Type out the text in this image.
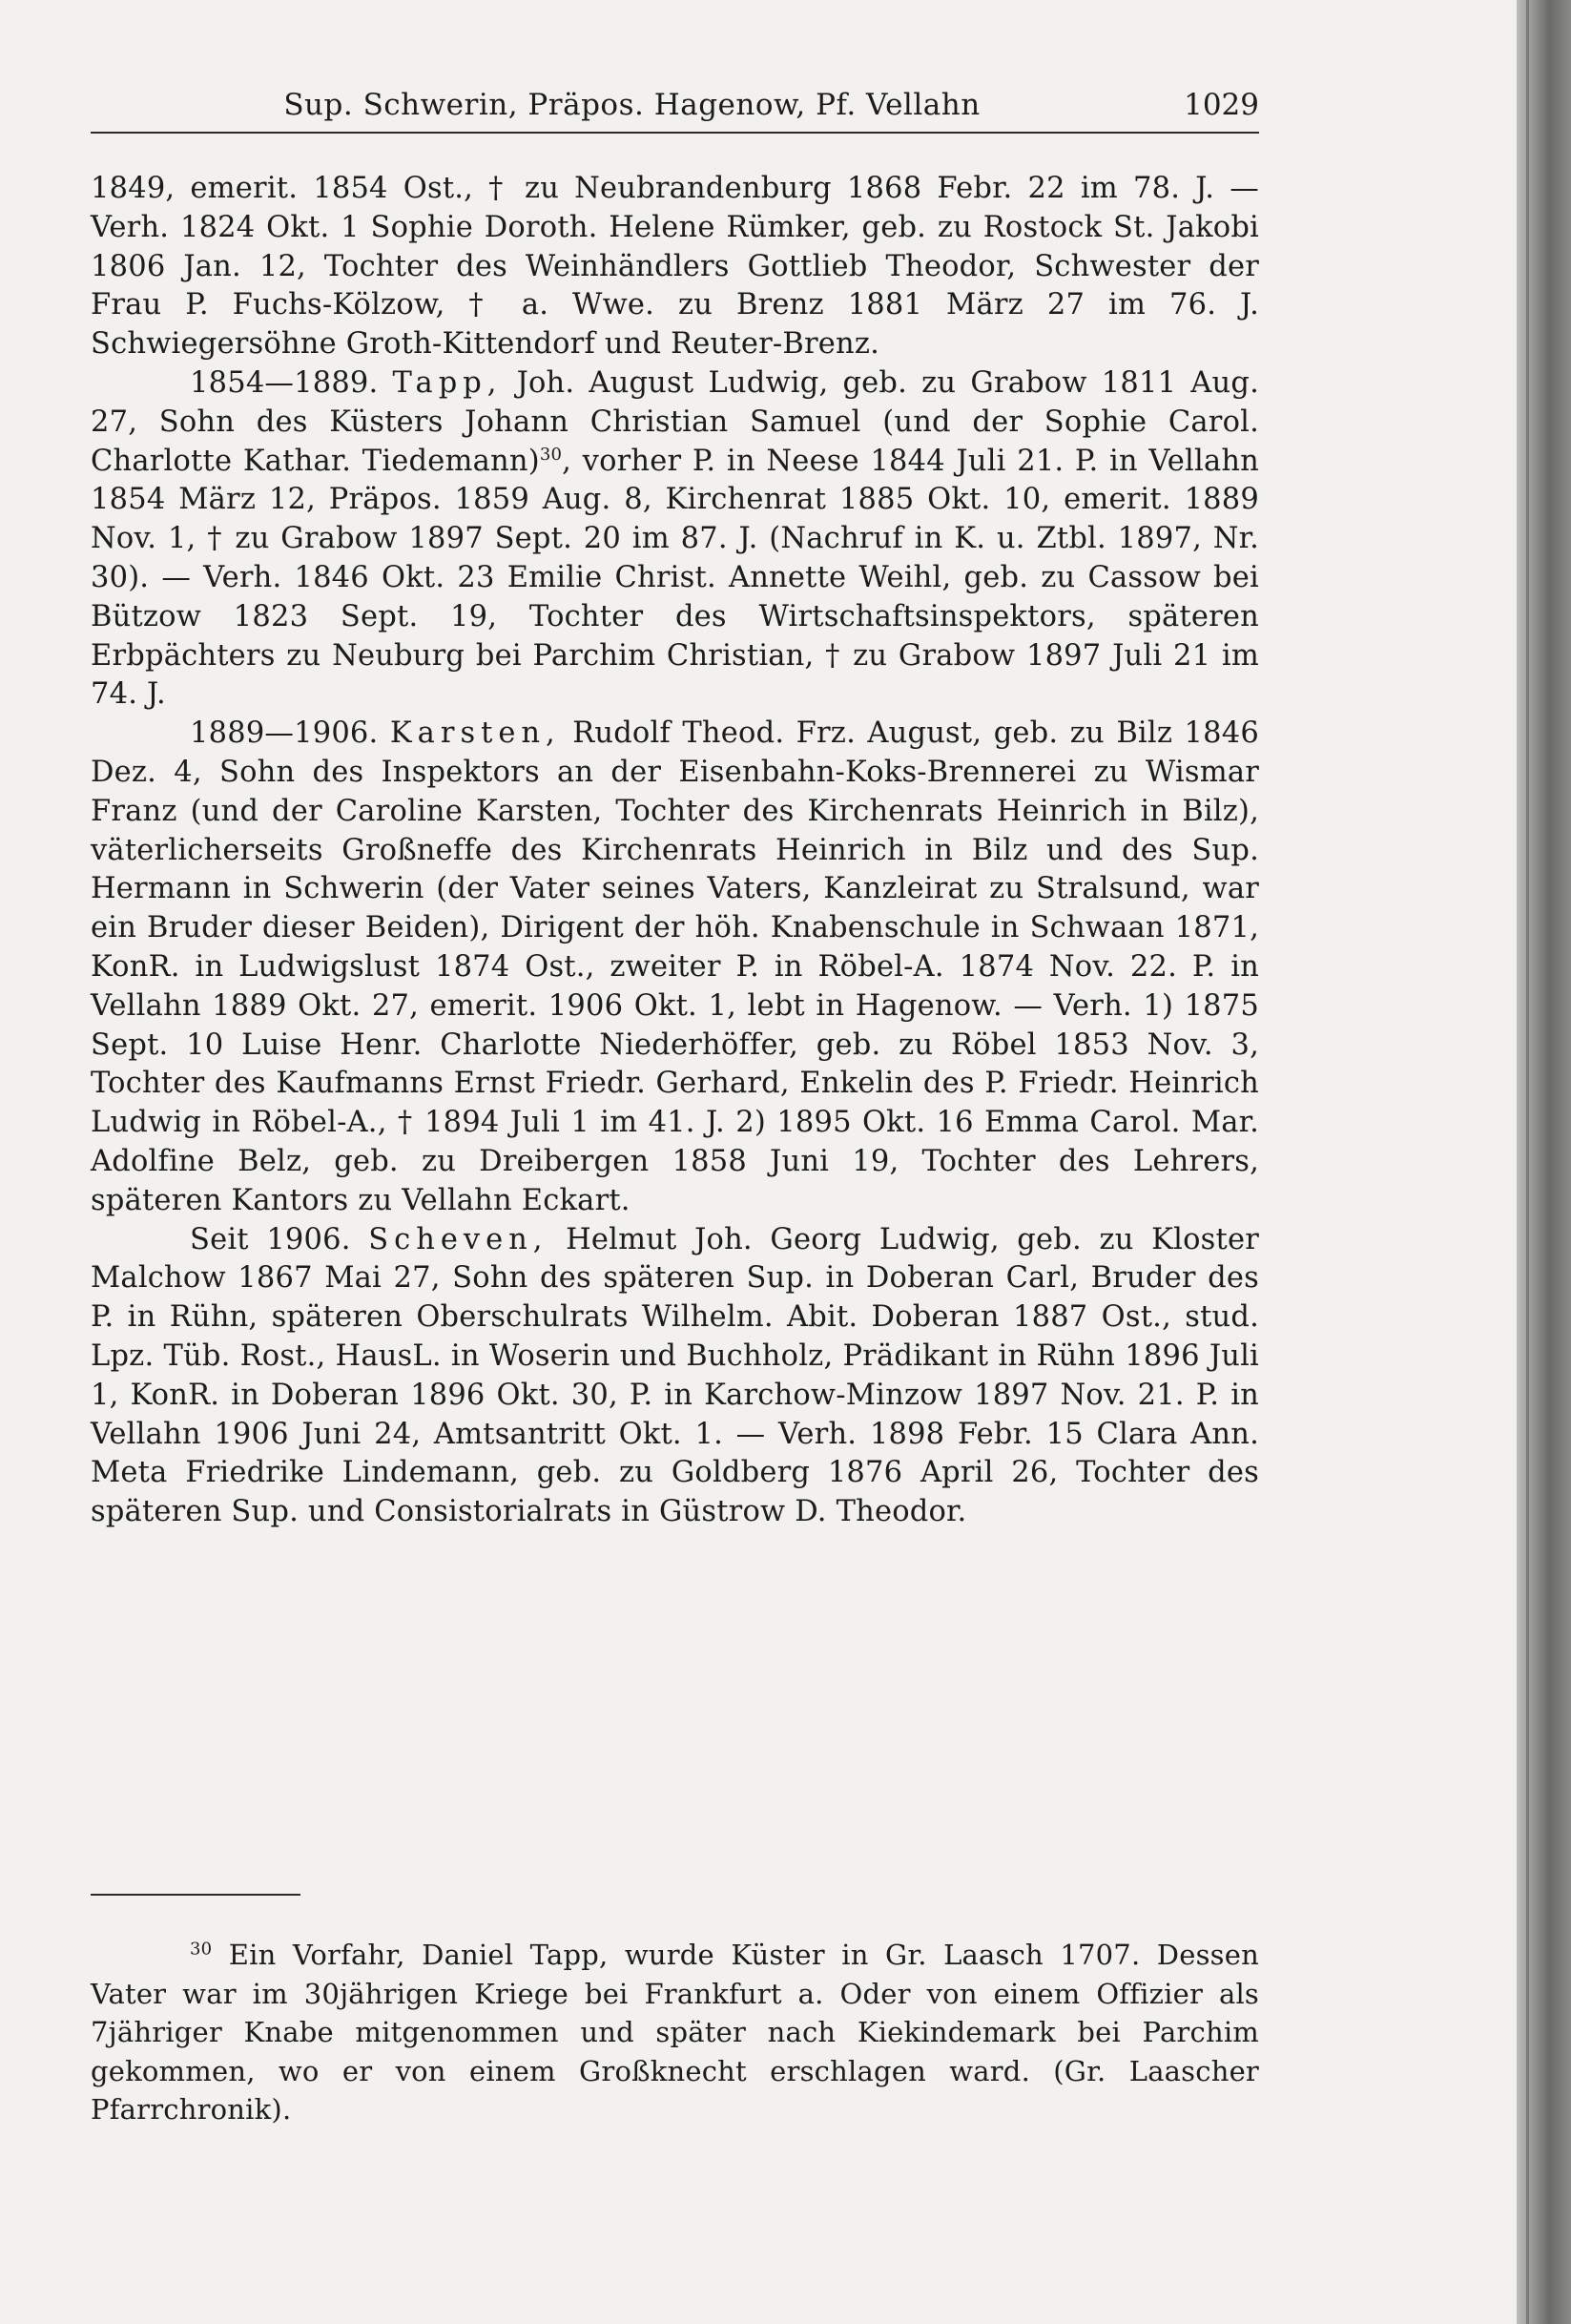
Sup. Schwerin, Präpos. Hagenow, Pf. Vellahn	1029

1849, emerit. 1854 Ost., † zu Neubrandenburg 1868 Febr. 22 im 78. J. — Verh. 1824 Okt. 1 Sophie Doroth. Helene Rümker, geb. zu Rostock St. Jakobi 1806 Jan. 12, Tochter des Weinhändlers Gottlieb Theodor, Schwester der Frau P. Fuchs-Kölzow, † a. Wwe. zu Brenz 1881 März 27 im 76. J. Schwiegersöhne Groth-Kittendorf und Reuter-Brenz.

1854—1889. Tapp, Joh. August Ludwig, geb. zu Grabow 1811 Aug. 27, Sohn des Küsters Johann Christian Samuel (und der Sophie Carol. Charlotte Kathar. Tiedemann)$^{30}$, vorher P. in Neese 1844 Juli 21. P. in Vellahn 1854 März 12, Präpos. 1859 Aug. 8, Kirchenrat 1885 Okt. 10, emerit. 1889 Nov. 1, † zu Grabow 1897 Sept. 20 im 87. J. (Nachruf in K. u. Ztbl. 1897, Nr. 30). — Verh. 1846 Okt. 23 Emilie Christ. Annette Weihl, geb. zu Cassow bei Bützow 1823 Sept. 19, Tochter des Wirtschaftsinspektors, späteren Erbpächters zu Neuburg bei Parchim Christian, † zu Grabow 1897 Juli 21 im 74. J.

1889—1906. Karsten, Rudolf Theod. Frz. August, geb. zu Bilz 1846 Dez. 4, Sohn des Inspektors an der Eisenbahn-Koks-Brennerei zu Wismar Franz (und der Caroline Karsten, Tochter des Kirchenrats Heinrich in Bilz), väterlicherseits Großneffe des Kirchenrats Heinrich in Bilz und des Sup. Hermann in Schwerin (der Vater seines Vaters, Kanzleirat zu Stralsund, war ein Bruder dieser Beiden), Dirigent der höh. Knabenschule in Schwaan 1871, KonR. in Ludwigslust 1874 Ost., zweiter P. in Röbel-A. 1874 Nov. 22. P. in Vellahn 1889 Okt. 27, emerit. 1906 Okt. 1, lebt in Hagenow. — Verh. 1) 1875 Sept. 10 Luise Henr. Charlotte Niederhöffer, geb. zu Röbel 1853 Nov. 3, Tochter des Kaufmanns Ernst Friedr. Gerhard, Enkelin des P. Friedr. Heinrich Ludwig in Röbel-A., † 1894 Juli 1 im 41. J. 2) 1895 Okt. 16 Emma Carol. Mar. Adolfine Belz, geb. zu Dreibergen 1858 Juni 19, Tochter des Lehrers, späteren Kantors zu Vellahn Eckart.

Seit 1906. Scheven, Helmut Joh. Georg Ludwig, geb. zu Kloster Malchow 1867 Mai 27, Sohn des späteren Sup. in Doberan Carl, Bruder des P. in Rühn, späteren Oberschulrats Wilhelm. Abit. Doberan 1887 Ost., stud. Lpz. Tüb. Rost., HausL. in Woserin und Buchholz, Prädikant in Rühn 1896 Juli 1, KonR. in Doberan 1896 Okt. 30, P. in Karchow-Minzow 1897 Nov. 21. P. in Vellahn 1906 Juni 24, Amtsantritt Okt. 1. — Verh. 1898 Febr. 15 Clara Ann. Meta Friedrike Lindemann, geb. zu Goldberg 1876 April 26, Tochter des späteren Sup. und Consistorialrats in Güstrow D. Theodor.

$^{30}$ Ein Vorfahr, Daniel Tapp, wurde Küster in Gr. Laasch 1707. Dessen Vater war im 30jährigen Kriege bei Frankfurt a. Oder von einem Offizier als 7jähriger Knabe mitgenommen und später nach Kiekindemark bei Parchim gekommen, wo er von einem Großknecht erschlagen ward. (Gr. Laascher Pfarrchronik).
